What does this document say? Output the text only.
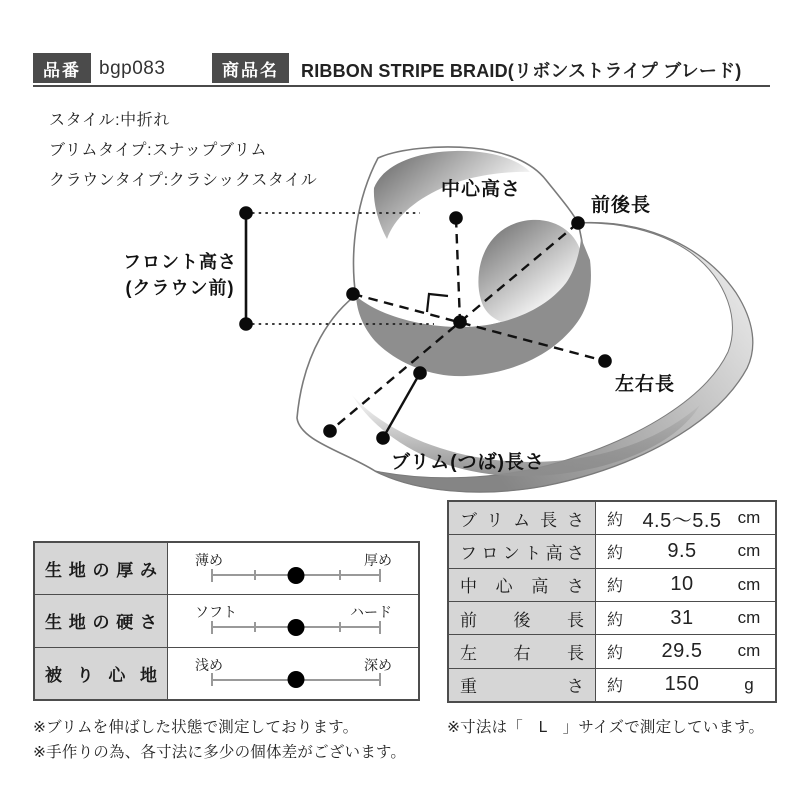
品番 bgp083	商品名	RIBBON STRIPE BRAID(リボンストライプ ブレード)
スタイル:中折れ
ブリムタイプ:スナップブリム
クラウンタイプ:クラシックスタイル	中心高さ
前後長
フロント高さ
(クラウン前)
左右長
ブリム(つば)長さ
生地の厚み
薄め	厚め
生地の硬さ
ソフト	ハード
被り心地
浅め	深め
ブリム長さ	約 4.5〜5.5 cm
フロント高さ	約	9.5	cm
中心高さ	約	10	cm
前後長	約	31	cm
左右長	約	29.5	cm
重さ	約	150	g
※ブリムを伸ばした状態で測定しております。
※手作りの為、各寸法に多少の個体差がございます。
※寸法は「　L　」サイズで測定しています。
